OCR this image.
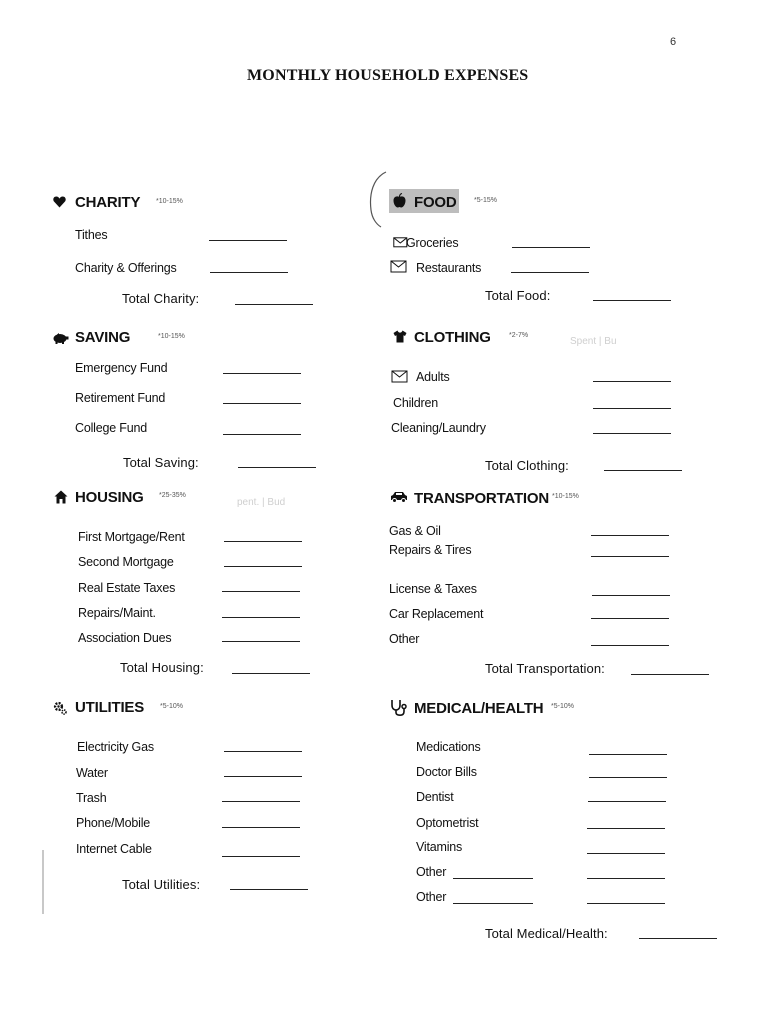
6
MONTHLY HOUSEHOLD EXPENSES
CHARITY *10-15%
Tithes
Charity & Offerings
Total Charity:
FOOD *5-15%
Groceries
Restaurants
Total Food:
SAVING	*10-15%
Emergency Fund
Retirement Fund
College Fund
Total Saving:
CLOTHING	*2-7%
Spent | Bu
Adults
Children
Cleaning/Laundry
Total Clothing:
HOUSING *25-35%
pent. | Bud
First Mortgage/Rent
Second Mortgage
Real Estate Taxes
Repairs/Maint.
Association Dues
Total Housing:
TRANSPORTATION *10-15%
Gas & Oil
Repairs & Tires
License & Taxes
Car Replacement
Other
Total Transportation:
UTILITIES *5-10%
Electricity Gas
Water
Trash
Phone/Mobile
Internet Cable
Total Utilities:
MEDICAL/HEALTH *5-10%
Medications
Doctor Bills
Dentist
Optometrist
Vitamins
Other
Other
Total Medical/Health:
